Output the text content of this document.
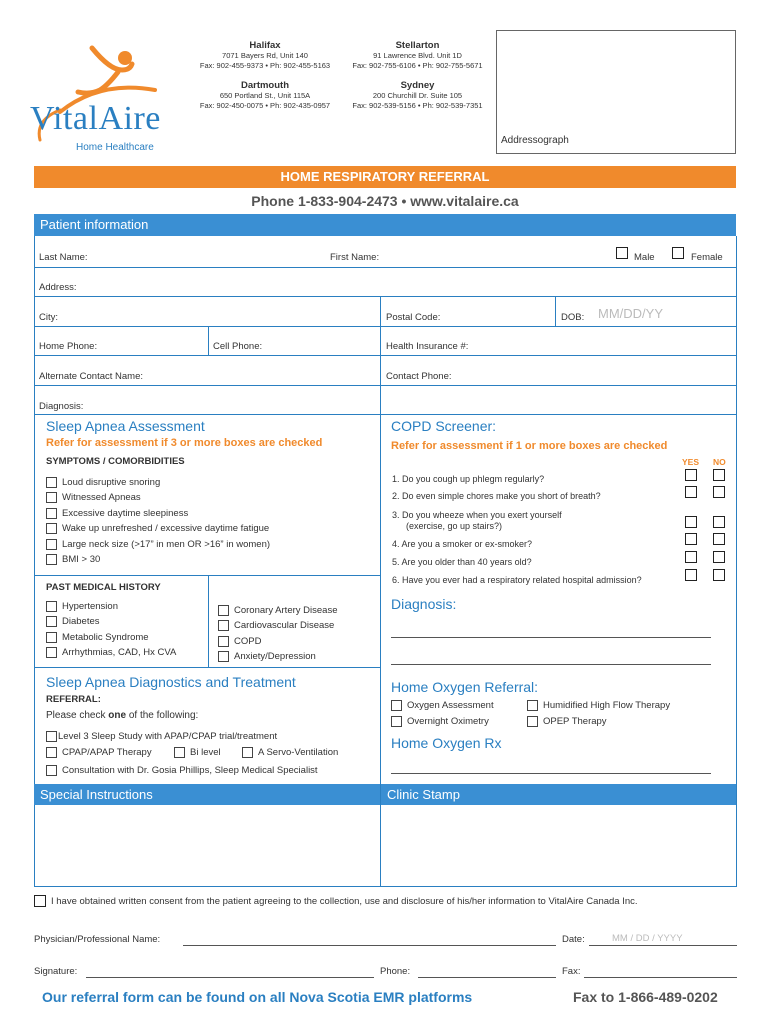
VitalAire
Home Healthcare
Halifax
7071 Bayers Rd, Unit 140
Fax: 902-455-9373 • Ph: 902-455-5163
Stellarton
91 Lawrence Blvd. Unit 1D
Fax: 902-755-6106 • Ph: 902-755-5671
Dartmouth
650 Portland St., Unit 115A
Fax: 902-450-0075 • Ph: 902-435-0957
Sydney
200 Churchill Dr. Suite 105
Fax: 902-539-5156 • Ph: 902-539-7351
Addressograph
HOME RESPIRATORY REFERRAL
Phone 1-833-904-2473 • www.vitalaire.ca
Patient information
Last Name:	First Name:	Male	Female
Address:
City:	Postal Code:	DOB: MM/DD/YY
Home Phone:	Cell Phone:	Health Insurance #:
Alternate Contact Name:	Contact Phone:
Diagnosis:
Sleep Apnea Assessment
Refer for assessment if 3 or more boxes are checked
SYMPTOMS / COMORBIDITIES
Loud disruptive snoring
Witnessed Apneas
Excessive daytime sleepiness
Wake up unrefreshed / excessive daytime fatigue
Large neck size (>17” in men OR >16” in women)
BMI > 30
PAST MEDICAL HISTORY
Hypertension
Diabetes
Metabolic Syndrome
Arrhythmias, CAD, Hx CVA
Coronary Artery Disease
Cardiovascular Disease
COPD
Anxiety/Depression
COPD Screener:
Refer for assessment if 1 or more boxes are checked
YES NO
1. Do you cough up phlegm regularly?
2. Do even simple chores make you short of breath?
3. Do you wheeze when you exert yourself
(exercise, go up stairs?)
4. Are you a smoker or ex-smoker?
5. Are you older than 40 years old?
6. Have you ever had a respiratory related hospital admission?
Diagnosis:
Sleep Apnea Diagnostics and Treatment
REFERRAL:
Please check one of the following:
Level 3 Sleep Study with APAP/CPAP trial/treatment
CPAP/APAP Therapy	Bi level	A Servo-Ventilation
Consultation with Dr. Gosia Phillips, Sleep Medical Specialist
Home Oxygen Referral:
Oxygen Assessment	Humidified High Flow Therapy
Overnight Oximetry	OPEP Therapy
Home Oxygen Rx
Special Instructions	Clinic Stamp
I have obtained written consent from the patient agreeing to the collection, use and disclosure of his/her information to VitalAire Canada Inc.
Physician/Professional Name:	Date:	MM / DD / YYYY
Signature:	Phone:	Fax:
Our referral form can be found on all Nova Scotia EMR platforms	Fax to 1-866-489-0202
